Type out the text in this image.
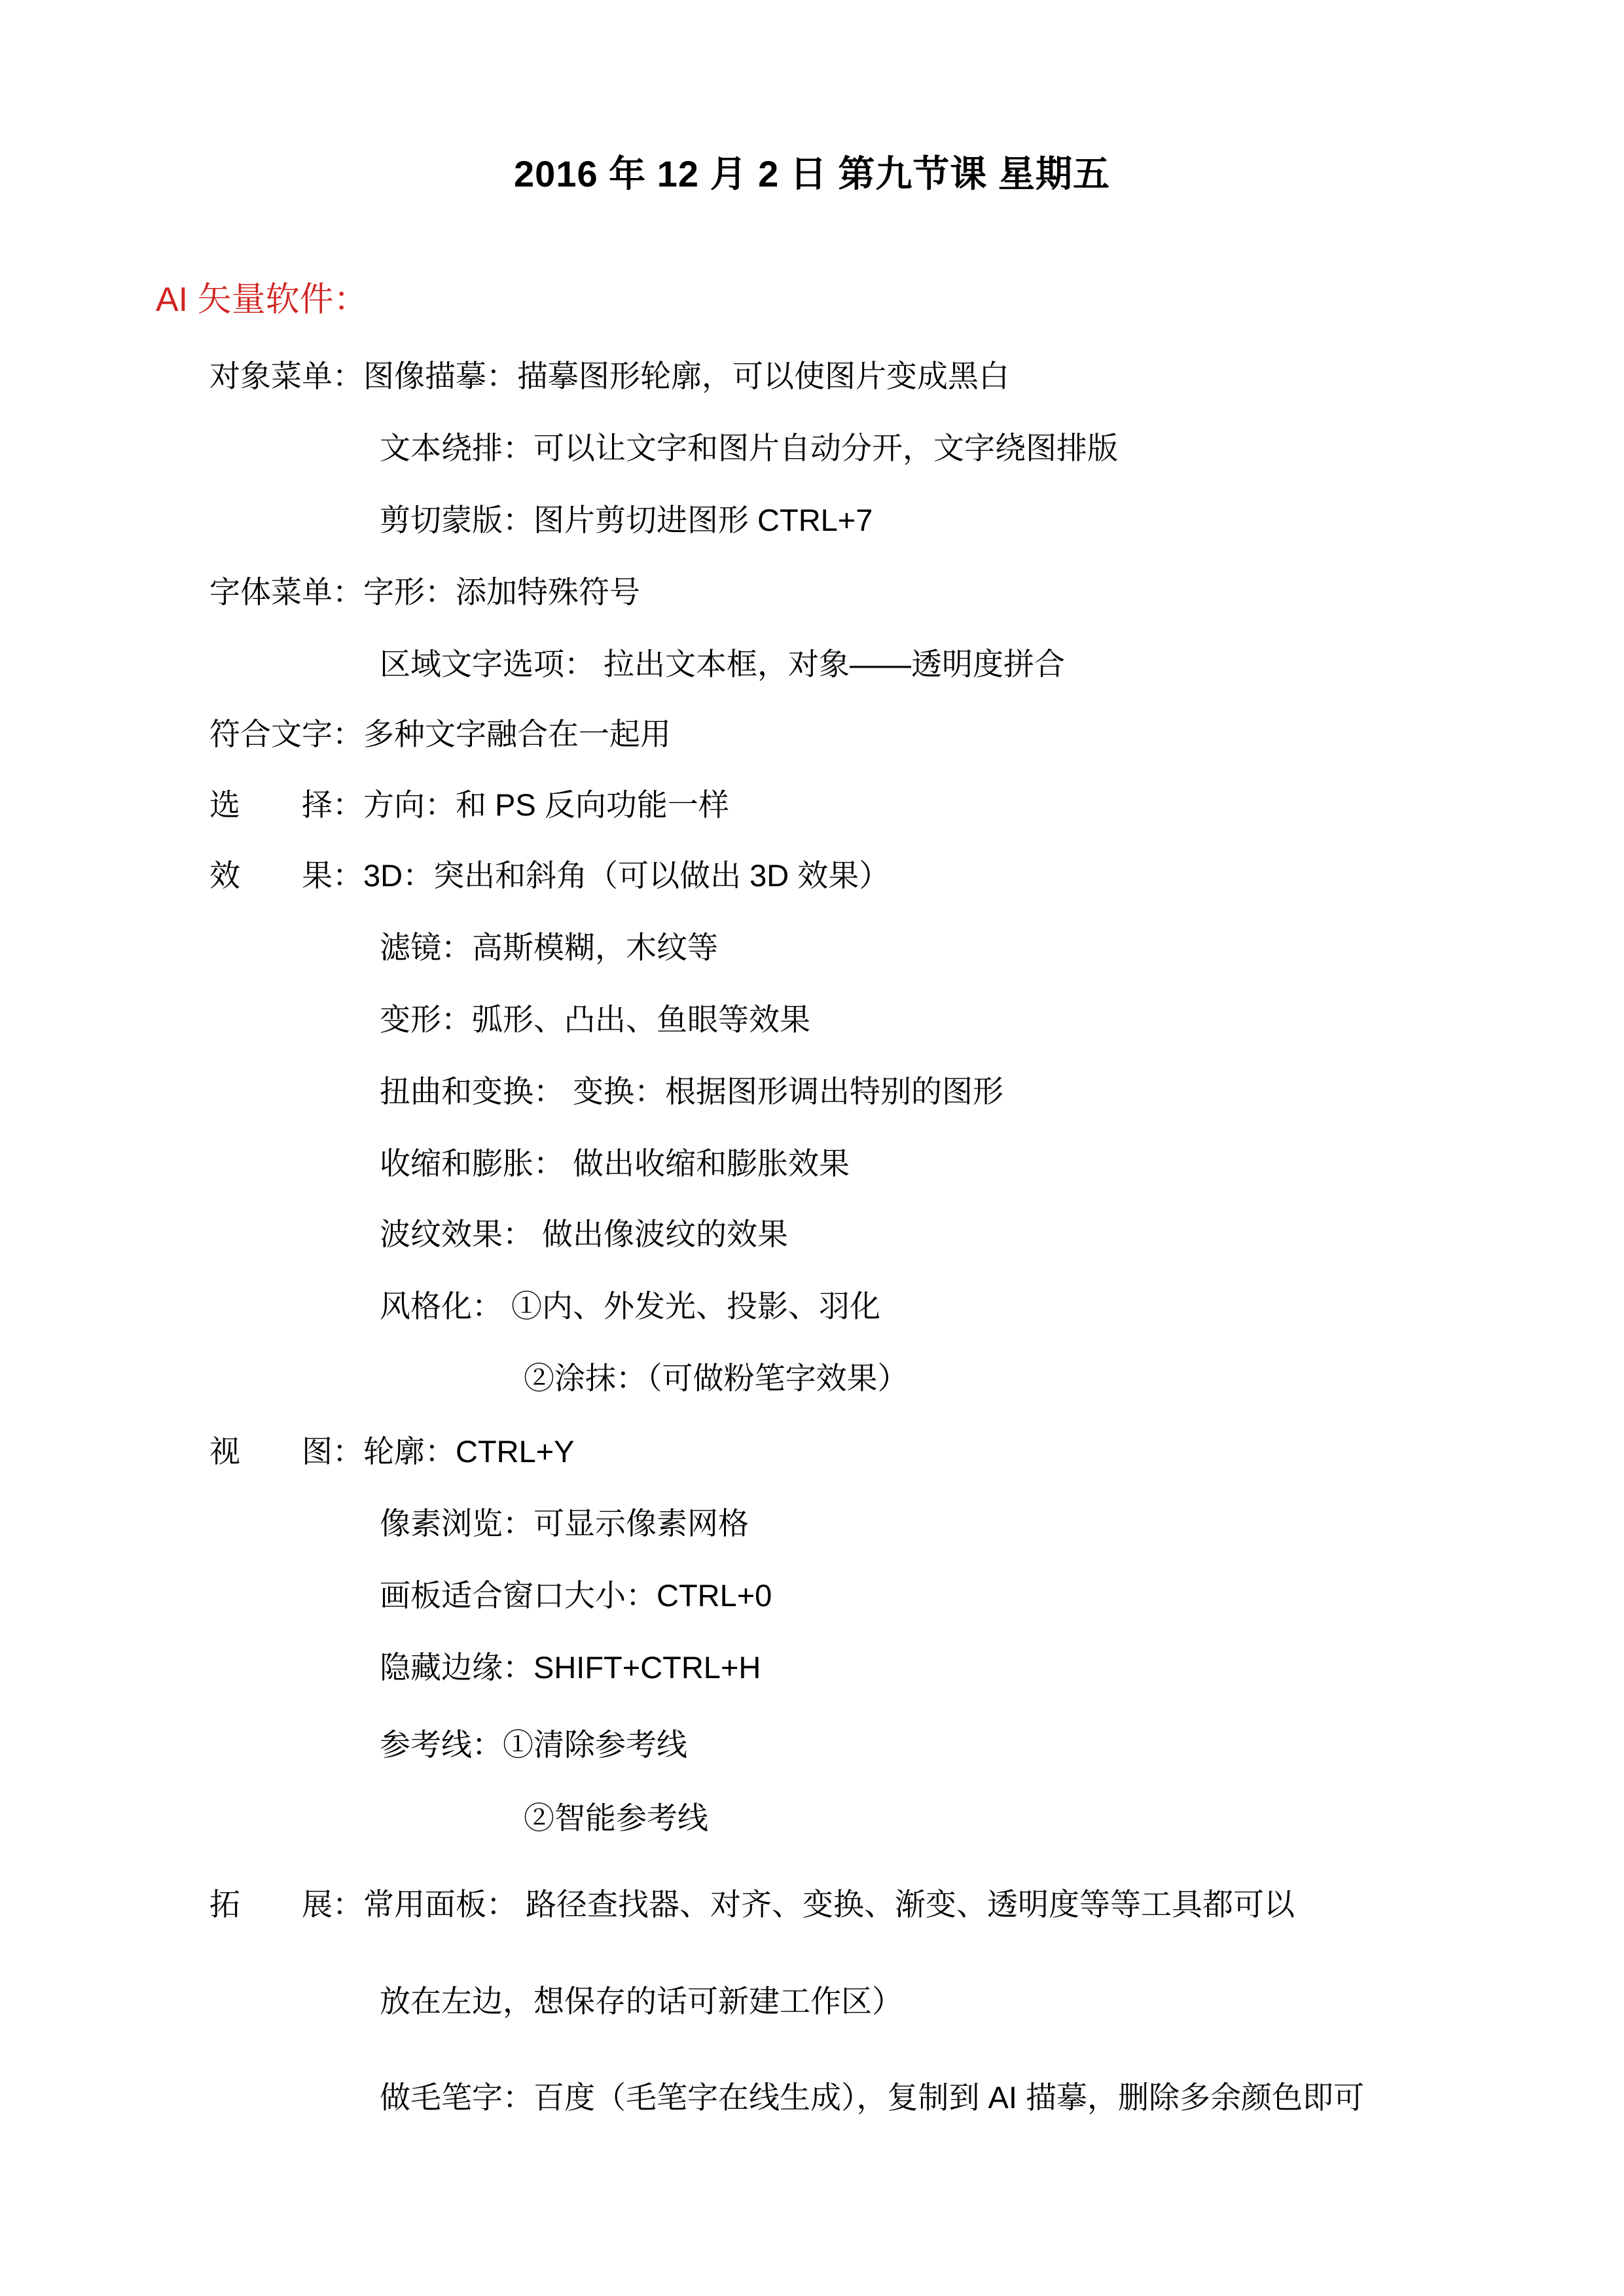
2016 年 12 月 2 日 第九节课 星期五
AI 矢量软件：
对象菜单：图像描摹：描摹图形轮廓，可以使图片变成黑白
文本绕排：可以让文字和图片自动分开，文字绕图排版
剪切蒙版：图片剪切进图形 CTRL+7
字体菜单：字形：添加特殊符号
区域文字选项： 拉出文本框，对象——透明度拼合
符合文字：多种文字融合在一起用
选　　择：方向：和 PS 反向功能一样
效　　果：3D：突出和斜角（可以做出 3D 效果）
滤镜：高斯模糊，木纹等
变形：弧形、凸出、鱼眼等效果
扭曲和变换： 变换：根据图形调出特别的图形
收缩和膨胀： 做出收缩和膨胀效果
波纹效果： 做出像波纹的效果
风格化： ①内、外发光、投影、羽化
②涂抹：（可做粉笔字效果）
视　　图：轮廓：CTRL+Y
像素浏览：可显示像素网格
画板适合窗口大小：CTRL+0
隐藏边缘：SHIFT+CTRL+H
参考线：①清除参考线
②智能参考线
拓　　展：常用面板： 路径查找器、对齐、变换、渐变、透明度等等工具都可以
放在左边，想保存的话可新建工作区）
做毛笔字：百度（毛笔字在线生成），复制到 AI 描摹，删除多余颜色即可
